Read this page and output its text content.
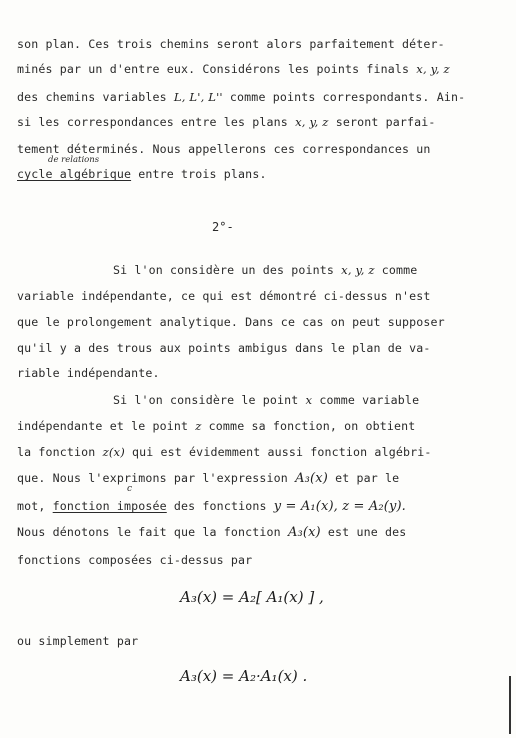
son plan. Ces trois chemins seront alors parfaitement déter-
minés par un d'entre eux. Considérons les points finals x, y, z
des chemins variables L, L', L'' comme points correspondants. Ain-
si les correspondances entre les plans x, y, z seront parfai-
tement déterminés. Nous appellerons ces correspondances un
de relations
cycle algébrique entre trois plans.
2°-
Si l'on considère un des points x, y, z comme
variable indépendante, ce qui est démontré ci-dessus n'est
que le prolongement analytique. Dans ce cas on peut supposer
qu'il y a des trous aux points ambigus dans le plan de va-
riable indépendante.
Si l'on considère le point x comme variable
indépendante et le point z comme sa fonction, on obtient
la fonction z(x) qui est évidemment aussi fonction algébri-
que. Nous l'exprimons par l'expression A₃(x) et par le
c
mot, fonction imposée des fonctions y = A₁(x), z = A₂(y).
Nous dénotons le fait que la fonction A₃(x) est une des
fonctions composées ci-dessus par
A₃(x) = A₂[ A₁(x) ] ,
ou simplement par
A₃(x) = A₂·A₁(x) .
